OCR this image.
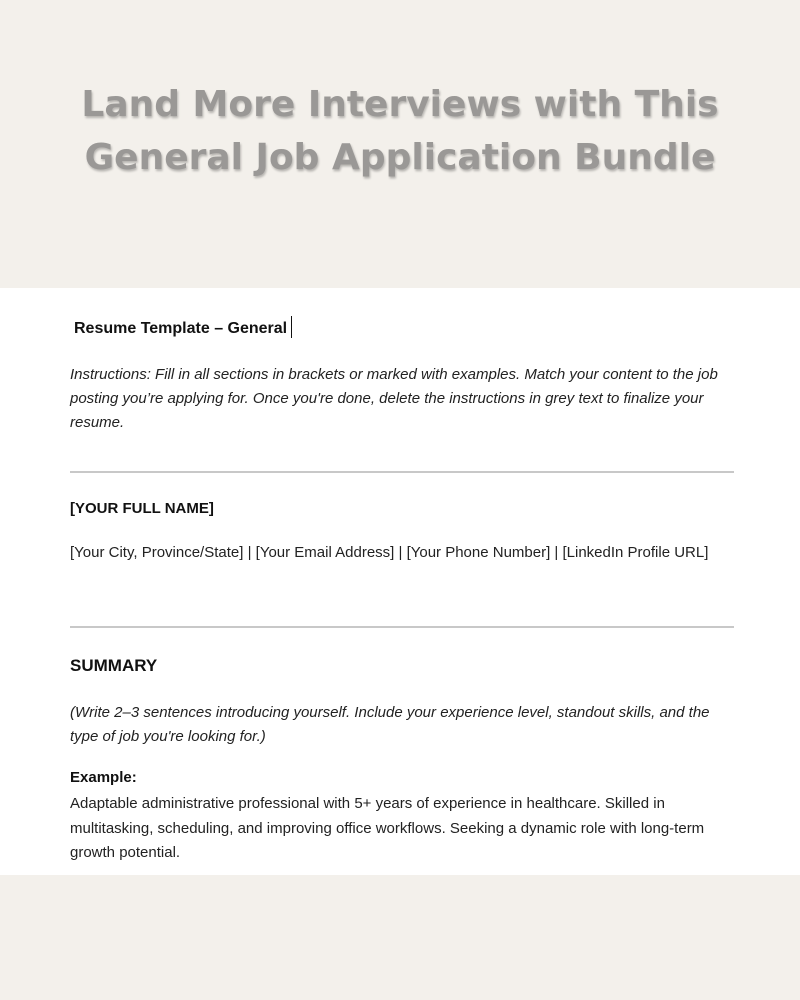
Land More Interviews with This
General Job Application Bundle
Resume Template – General

Instructions: Fill in all sections in brackets or marked with examples. Match your content to the job posting you’re applying for. Once you're done, delete the instructions in grey text to finalize your resume.

[YOUR FULL NAME]

[Your City, Province/State] | [Your Email Address] | [Your Phone Number] | [LinkedIn Profile URL]

SUMMARY

(Write 2–3 sentences introducing yourself. Include your experience level, standout skills, and the type of job you're looking for.)

Example:

Adaptable administrative professional with 5+ years of experience in healthcare. Skilled in multitasking, scheduling, and improving office workflows. Seeking a dynamic role with long-term growth potential.
